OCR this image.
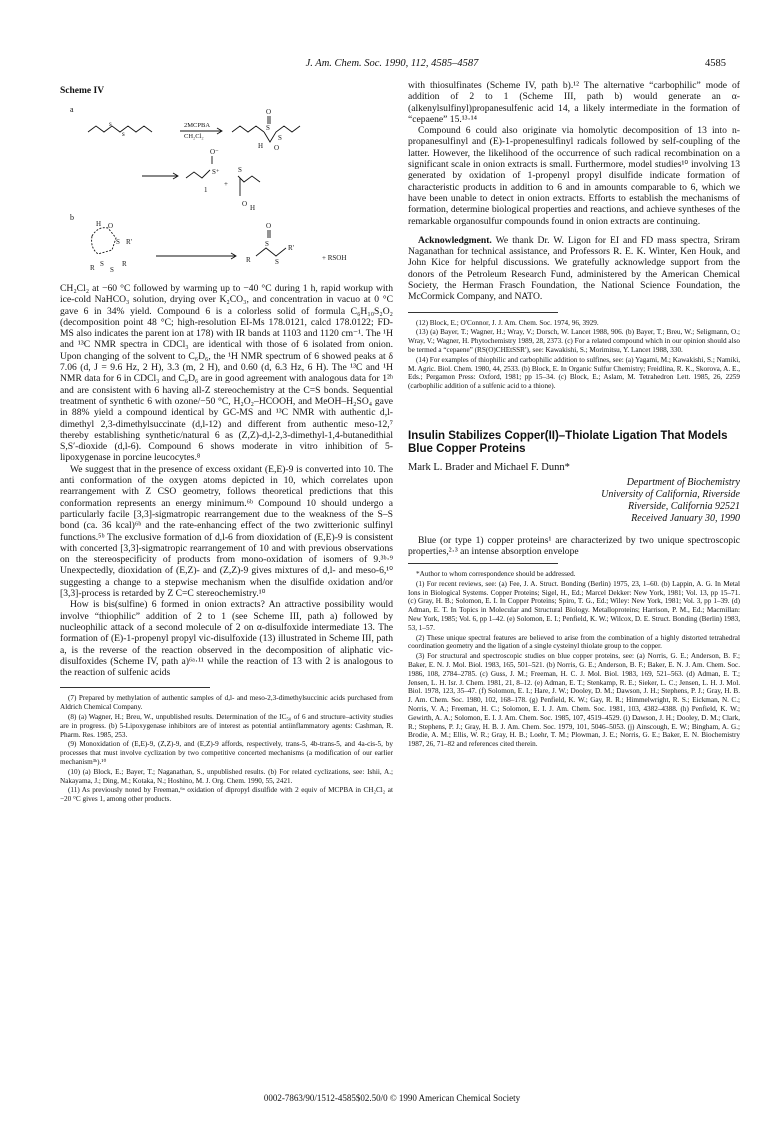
J. Am. Chem. Soc. 1990, 112, 4585–4587	4585
Scheme IV
a
s
s
2MCPBA
CH₂Cl₂
O
S
S
H O
O⁻
S⁺
1
+
S
O H
b
H O
S R'
R S
S
R
O
R
S
S
R'
+ RSOH

CH₂Cl₂ at −60 °C followed by warming up to −40 °C during 1 h, rapid workup with ice-cold NaHCO₃ solution, drying over K₂CO₃, and concentration in vacuo at 0 °C gave 6 in 34% yield. Compound 6 is a colorless solid of formula C₆H₁₀S₂O₂ (decomposition point 48 °C; high-resolution EI-Ms 178.0121, calcd 178.0122; FD-MS also indicates the parent ion at 178) with IR bands at 1103 and 1120 cm⁻¹. The ¹H and ¹³C NMR spectra in CDCl₃ are identical with those of 6 isolated from onion. Upon changing of the solvent to C₆D₆, the ¹H NMR spectrum of 6 showed peaks at δ 7.06 (d, J = 9.6 Hz, 2 H), 3.3 (m, 2 H), and 0.60 (d, 6.3 Hz, 6 H). The ¹³C and ¹H NMR data for 6 in CDCl₃ and C₆D₆ are in good agreement with analogous data for 1²ʰ and are consistent with 6 having all-Z stereochemistry at the C=S bonds. Sequential treatment of synthetic 6 with ozone/−50 °C, H₂O₂–HCOOH, and MeOH–H₂SO₄ gave in 88% yield a compound identical by GC-MS and ¹³C NMR with authentic d,l-dimethyl 2,3-dimethylsuccinate (d,l-12) and different from authentic meso-12,⁷ thereby establishing synthetic/natural 6 as (Z,Z)-d,l-2,3-dimethyl-1,4-butanedithial S,S′-dioxide (d,l-6). Compound 6 shows moderate in vitro inhibition of 5-lipoxygenase in porcine leucocytes.⁸

We suggest that in the presence of excess oxidant (E,E)-9 is converted into 10. The anti conformation of the oxygen atoms depicted in 10, which correlates upon rearrangement with Z CSO geometry, follows theoretical predictions that this conformation represents an energy minimum.⁶ᵇ Compound 10 should undergo a particularly facile [3,3]-sigmatropic rearrangement due to the weakness of the S–S bond (ca. 36 kcal)⁶ᵇ and the rate-enhancing effect of the two zwitterionic sulfinyl functions.⁵ᵇ The exclusive formation of d,l-6 from dioxidation of (E,E)-9 is consistent with concerted [3,3]-sigmatropic rearrangement of 10 and with previous observations on the stereospecificity of products from mono-oxidation of isomers of 9.³ᵇ·⁹ Unexpectedly, dioxidation of (E,Z)- and (Z,Z)-9 gives mixtures of d,l- and meso-6,¹⁰ suggesting a change to a stepwise mechanism when the disulfide oxidation and/or [3,3]-process is retarded by Z C=C stereochemistry.¹⁰

How is bis(sulfine) 6 formed in onion extracts? An attractive possibility would involve “thiophilic” addition of 2 to 1 (see Scheme III, path a) followed by nucleophilic attack of a second molecule of 2 on α-disulfoxide intermediate 13. The formation of (E)-1-propenyl propyl vic-disulfoxide (13) illustrated in Scheme III, path a, is the reverse of the reaction observed in the decomposition of aliphatic vic-disulfoxides (Scheme IV, path a)⁶ᵃ·¹¹ while the reaction of 13 with 2 is analogous to the reaction of sulfenic acids

(7) Prepared by methylation of authentic samples of d,l- and meso-2,3-dimethylsuccinic acids purchased from Aldrich Chemical Company.

(8) (a) Wagner, H.; Breu, W., unpublished results. Determination of the IC₅₀ of 6 and structure–activity studies are in progress. (b) 5-Lipoxygenase inhibitors are of interest as potential antiinflammatory agents: Cashman, R. Pharm. Res. 1985, 253.

(9) Monoxidation of (E,E)-9, (Z,Z)-9, and (E,Z)-9 affords, respectively, trans-5, 4b-trans-5, and 4a-cis-5, by processes that must involve cyclization by two competitive concerted mechanisms (a modification of our earlier mechanism³ᵇ).¹⁰

(10) (a) Block, E.; Bayer, T.; Naganathan, S., unpublished results. (b) For related cyclizations, see: Ishii, A.; Nakayama, J.; Ding, M.; Kotaka, N.; Hoshino, M. J. Org. Chem. 1990, 55, 2421.

(11) As previously noted by Freeman,⁶ᵃ oxidation of dipropyl disulfide with 2 equiv of MCPBA in CH₂Cl₂ at −20 °C gives 1, among other products.

with thiosulfinates (Scheme IV, path b).¹² The alternative “carbophilic” mode of addition of 2 to 1 (Scheme III, path b) would generate an α-(alkenylsulfinyl)propanesulfenic acid 14, a likely intermediate in the formation of “cepaene” 15.¹³·¹⁴

Compound 6 could also originate via homolytic decomposition of 13 into n-propanesulfinyl and (E)-1-propenesulfinyl radicals followed by self-coupling of the latter. However, the likelihood of the occurrence of such radical recombination on a significant scale in onion extracts is small. Furthermore, model studies¹⁰ involving 13 generated by oxidation of 1-propenyl propyl disulfide indicate formation of characteristic products in addition to 6 and in amounts comparable to 6, which we have been unable to detect in onion extracts. Efforts to establish the mechanisms of formation, determine biological properties and reactions, and achieve syntheses of the remarkable organosulfur compounds found in onion extracts are continuing.

Acknowledgment. We thank Dr. W. Ligon for EI and FD mass spectra, Sriram Naganathan for technical assistance, and Professors R. E. K. Winter, Ken Houk, and John Kice for helpful discussions. We gratefully acknowledge support from the donors of the Petroleum Research Fund, administered by the American Chemical Society, the Herman Frasch Foundation, the National Science Foundation, the McCormick Company, and NATO.

(12) Block, E.; O'Connor, J. J. Am. Chem. Soc. 1974, 96, 3929.

(13) (a) Bayer, T.; Wagner, H.; Wray, V.; Dorsch, W. Lancet 1988, 906. (b) Bayer, T.; Breu, W.; Seligmann, O.; Wray, V.; Wagner, H. Phytochemistry 1989, 28, 2373. (c) For a related compound which in our opinion should also be termed a “cepaene” (RS(O)CHEtSSR′), see: Kawakishi, S.; Morimitsu, Y. Lancet 1988, 330.

(14) For examples of thiophilic and carbophilic addition to sulfines, see: (a) Yagami, M.; Kawakishi, S.; Namiki, M. Agric. Biol. Chem. 1980, 44, 2533. (b) Block, E. In Organic Sulfur Chemistry; Freidlina, R. K., Skorova, A. E., Eds.; Pergamon Press: Oxford, 1981; pp 15–34. (c) Block, E.; Aslam, M. Tetrahedron Lett. 1985, 26, 2259 (carbophilic addition of a sulfenic acid to a thione).

Insulin Stabilizes Copper(II)–Thiolate Ligation That Models Blue Copper Proteins
Mark L. Brader and Michael F. Dunn*
Department of Biochemistry
University of California, Riverside
Riverside, California 92521
Received January 30, 1990

Blue (or type 1) copper proteins¹ are characterized by two unique spectroscopic properties,²·³ an intense absorption envelope

*Author to whom correspondence should be addressed.

(1) For recent reviews, see: (a) Fee, J. A. Struct. Bonding (Berlin) 1975, 23, 1–60. (b) Lappin, A. G. In Metal Ions in Biological Systems. Copper Proteins; Sigel, H., Ed.; Marcel Dekker: New York, 1981; Vol. 13, pp 15–71. (c) Gray, H. B.; Solomon, E. I. In Copper Proteins; Spiro, T. G., Ed.; Wiley: New York, 1981; Vol. 3, pp 1–39. (d) Adman, E. T. In Topics in Molecular and Structural Biology. Metalloproteins; Harrison, P. M., Ed.; Macmillan: New York, 1985; Vol. 6, pp 1–42. (e) Solomon, E. I.; Penfield, K. W.; Wilcox, D. E. Struct. Bonding (Berlin) 1983, 53, 1–57.

(2) These unique spectral features are believed to arise from the combination of a highly distorted tetrahedral coordination geometry and the ligation of a single cysteinyl thiolate group to the copper.

(3) For structural and spectroscopic studies on blue copper proteins, see: (a) Norris, G. E.; Anderson, B. F.; Baker, E. N. J. Mol. Biol. 1983, 165, 501–521. (b) Norris, G. E.; Anderson, B. F.; Baker, E. N. J. Am. Chem. Soc. 1986, 108, 2784–2785. (c) Guss, J. M.; Freeman, H. C. J. Mol. Biol. 1983, 169, 521–563. (d) Adman, E. T.; Jensen, L. H. Isr. J. Chem. 1981, 21, 8–12. (e) Adman, E. T.; Stenkamp, R. E.; Sieker, L. C.; Jensen, L. H. J. Mol. Biol. 1978, 123, 35–47. (f) Solomon, E. I.; Hare, J. W.; Dooley, D. M.; Dawson, J. H.; Stephens, P. J.; Gray, H. B. J. Am. Chem. Soc. 1980, 102, 168–178. (g) Penfield, K. W.; Gay, R. R.; Himmelwright, R. S.; Eickman, N. C.; Norris, V. A.; Freeman, H. C.; Solomon, E. I. J. Am. Chem. Soc. 1981, 103, 4382–4388. (h) Penfield, K. W.; Gewirth, A. A.; Solomon, E. I. J. Am. Chem. Soc. 1985, 107, 4519–4529. (i) Dawson, J. H.; Dooley, D. M.; Clark, R.; Stephens, P. J.; Gray, H. B. J. Am. Chem. Soc. 1979, 101, 5046–5053. (j) Ainscough, E. W.; Bingham, A. G.; Brodie, A. M.; Ellis, W. R.; Gray, H. B.; Loehr, T. M.; Plowman, J. E.; Norris, G. E.; Baker, E. N. Biochemistry 1987, 26, 71–82 and references cited therein.

0002-7863/90/1512-4585$02.50/0 © 1990 American Chemical Society
